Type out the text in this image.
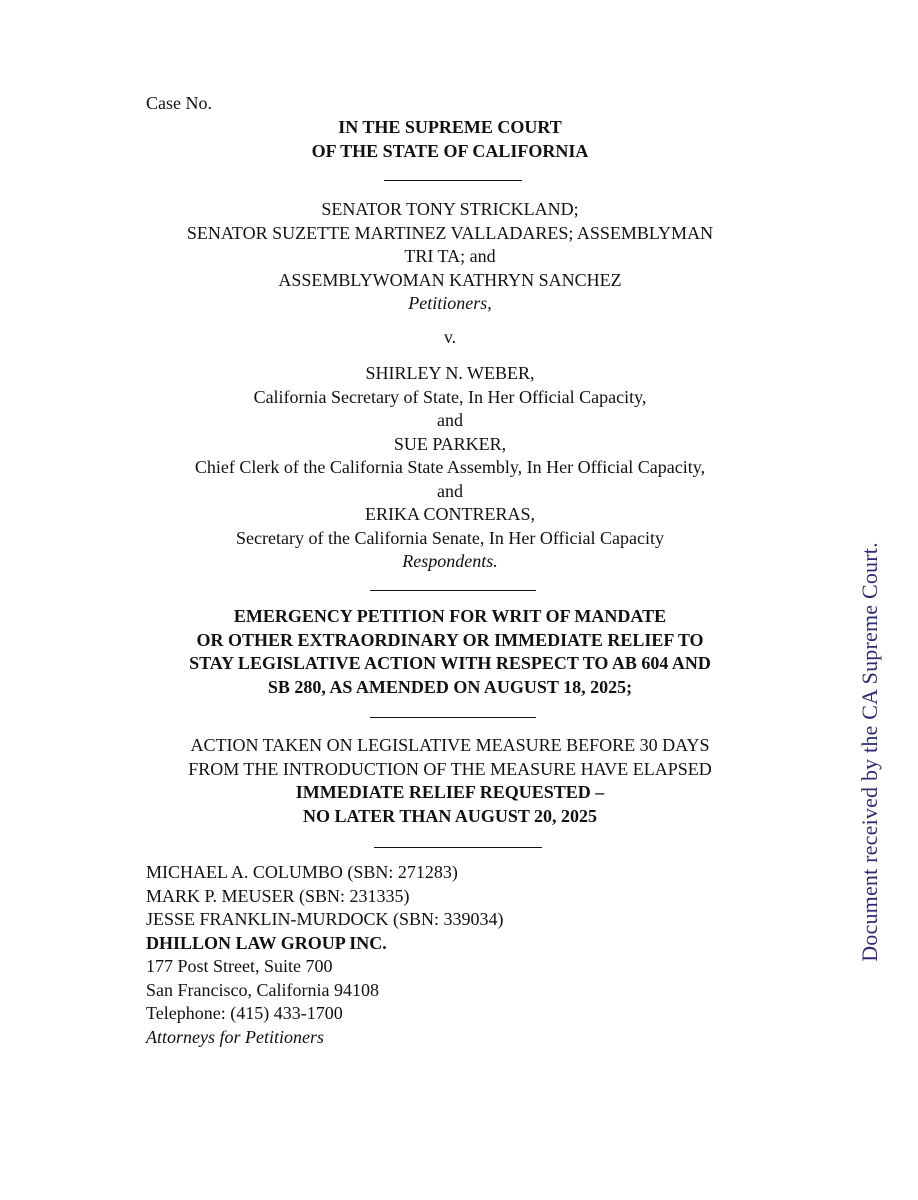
Case No.
IN THE SUPREME COURT
OF THE STATE OF CALIFORNIA
SENATOR TONY STRICKLAND;
SENATOR SUZETTE MARTINEZ VALLADARES; ASSEMBLYMAN
TRI TA; and
ASSEMBLYWOMAN KATHRYN SANCHEZ
Petitioners,
v.
SHIRLEY N. WEBER,
California Secretary of State, In Her Official Capacity,
and
SUE PARKER,
Chief Clerk of the California State Assembly, In Her Official Capacity,
and
ERIKA CONTRERAS,
Secretary of the California Senate, In Her Official Capacity
Respondents.
EMERGENCY PETITION FOR WRIT OF MANDATE
OR OTHER EXTRAORDINARY OR IMMEDIATE RELIEF TO
STAY LEGISLATIVE ACTION WITH RESPECT TO AB 604 AND
SB 280, AS AMENDED ON AUGUST 18, 2025;
ACTION TAKEN ON LEGISLATIVE MEASURE BEFORE 30 DAYS
FROM THE INTRODUCTION OF THE MEASURE HAVE ELAPSED
IMMEDIATE RELIEF REQUESTED –
NO LATER THAN AUGUST 20, 2025
MICHAEL A. COLUMBO (SBN: 271283)
MARK P. MEUSER (SBN: 231335)
JESSE FRANKLIN-MURDOCK (SBN: 339034)
DHILLON LAW GROUP INC.
177 Post Street, Suite 700
San Francisco, California 94108
Telephone: (415) 433-1700
Attorneys for Petitioners
Document received by the CA Supreme Court.
